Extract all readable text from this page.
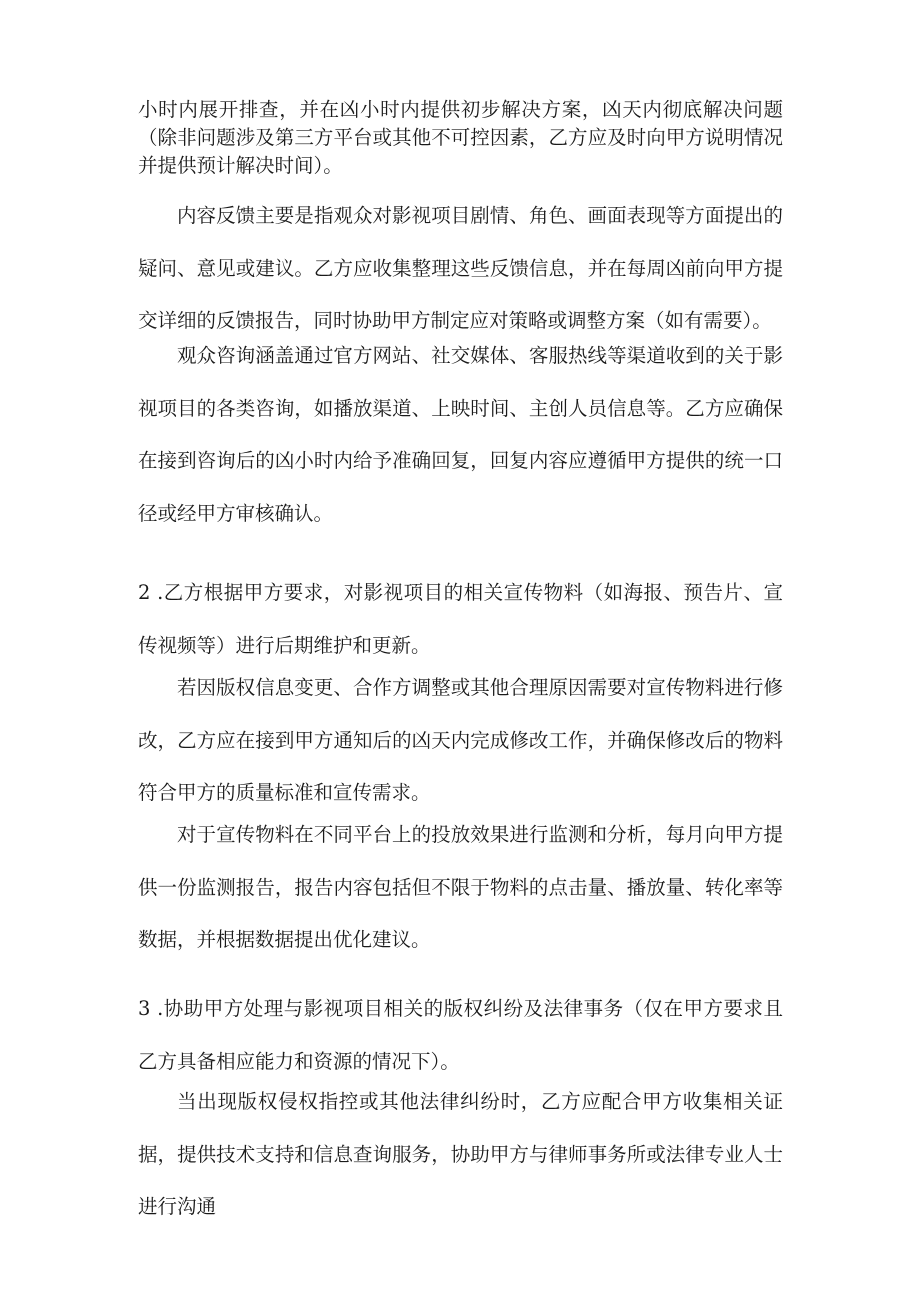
小时内展开排查，并在凶小时内提供初步解决方案，凶天内彻底解决问题（除非问题涉及第三方平台或其他不可控因素，乙方应及时向甲方说明情况并提供预计解决时间）。

内容反馈主要是指观众对影视项目剧情、角色、画面表现等方面提出的疑问、意见或建议。乙方应收集整理这些反馈信息，并在每周凶前向甲方提交详细的反馈报告，同时协助甲方制定应对策略或调整方案（如有需要）。

观众咨询涵盖通过官方网站、社交媒体、客服热线等渠道收到的关于影视项目的各类咨询，如播放渠道、上映时间、主创人员信息等。乙方应确保在接到咨询后的凶小时内给予准确回复，回复内容应遵循甲方提供的统一口径或经甲方审核确认。

2 .乙方根据甲方要求，对影视项目的相关宣传物料（如海报、预告片、宣传视频等）进行后期维护和更新。

若因版权信息变更、合作方调整或其他合理原因需要对宣传物料进行修改，乙方应在接到甲方通知后的凶天内完成修改工作，并确保修改后的物料符合甲方的质量标准和宣传需求。

对于宣传物料在不同平台上的投放效果进行监测和分析，每月向甲方提供一份监测报告，报告内容包括但不限于物料的点击量、播放量、转化率等数据，并根据数据提出优化建议。

3 .协助甲方处理与影视项目相关的版权纠纷及法律事务（仅在甲方要求且乙方具备相应能力和资源的情况下）。

当出现版权侵权指控或其他法律纠纷时，乙方应配合甲方收集相关证据，提供技术支持和信息查询服务，协助甲方与律师事务所或法律专业人士进行沟通
